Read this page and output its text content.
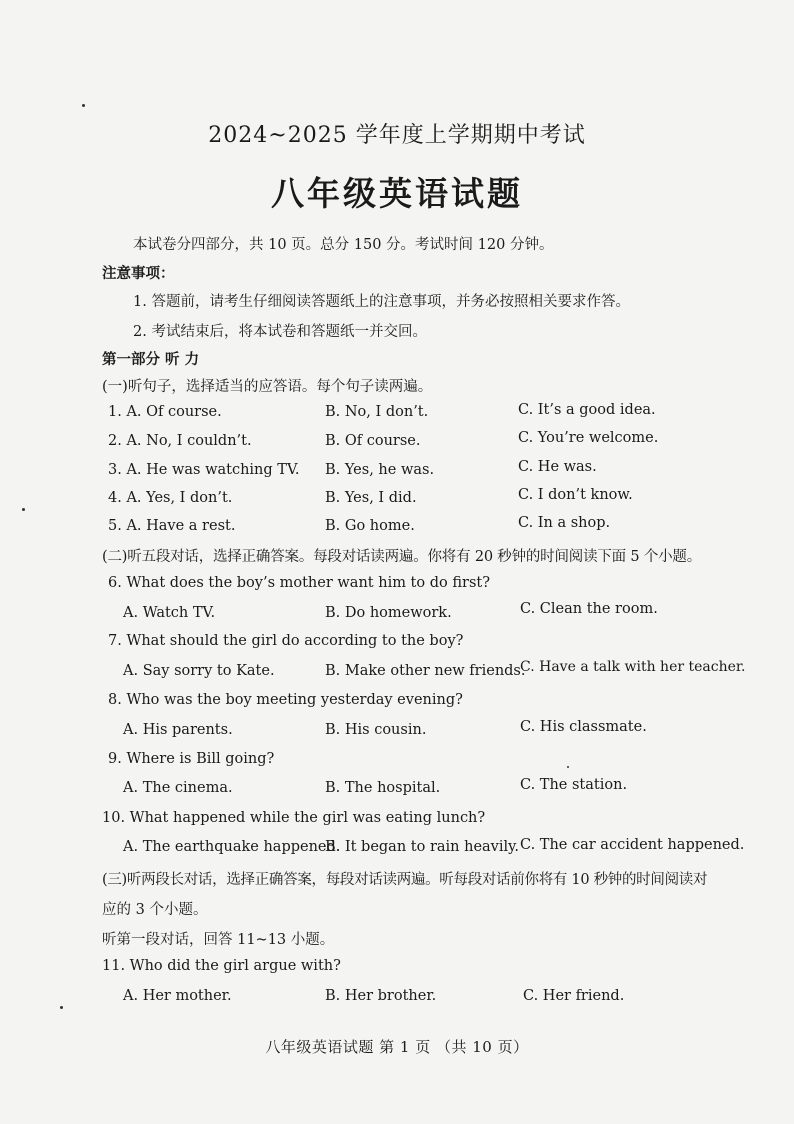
2024~2025 学年度上学期期中考试
八年级英语试题
本试卷分四部分，共 10 页。总分 150 分。考试时间 120 分钟。
注意事项：
1. 答题前，请考生仔细阅读答题纸上的注意事项，并务必按照相关要求作答。
2. 考试结束后，将本试卷和答题纸一并交回。
第一部分 听 力
(一)听句子，选择适当的应答语。每个句子读两遍。
1. A. Of course.	B. No, I don’t.	C. It’s a good idea.
2. A. No, I couldn’t.	B. Of course.	C. You’re welcome.
3. A. He was watching TV. B. Yes, he was.	C. He was.
4. A. Yes, I don’t.	B. Yes, I did.	C. I don’t know.
5. A. Have a rest.	B. Go home.	C. In a shop.
(二)听五段对话，选择正确答案。每段对话读两遍。你将有 20 秒钟的时间阅读下面 5 个小题。
6. What does the boy’s mother want him to do first?
A. Watch TV.	B. Do homework.	C. Clean the room.
7. What should the girl do according to the boy?
A. Say sorry to Kate.	B. Make other new friends.
C. Have a talk with her teacher.
8. Who was the boy meeting yesterday evening?
A. His parents.	B. His cousin.	C. His classmate.
9. Where is Bill going?
A. The cinema.	B. The hospital.	C. The station.
10. What happened while the girl was eating lunch?
A. The earthquake happened.
B. It began to rain heavily. C. The car accident happened.
(三)听两段长对话，选择正确答案，每段对话读两遍。听每段对话前你将有 10 秒钟的时间阅读对
应的 3 个小题。
听第一段对话，回答 11~13 小题。
11. Who did the girl argue with?
A. Her mother.	B. Her brother.	C. Her friend.
八年级英语试题 第 1 页 （共 10 页）
